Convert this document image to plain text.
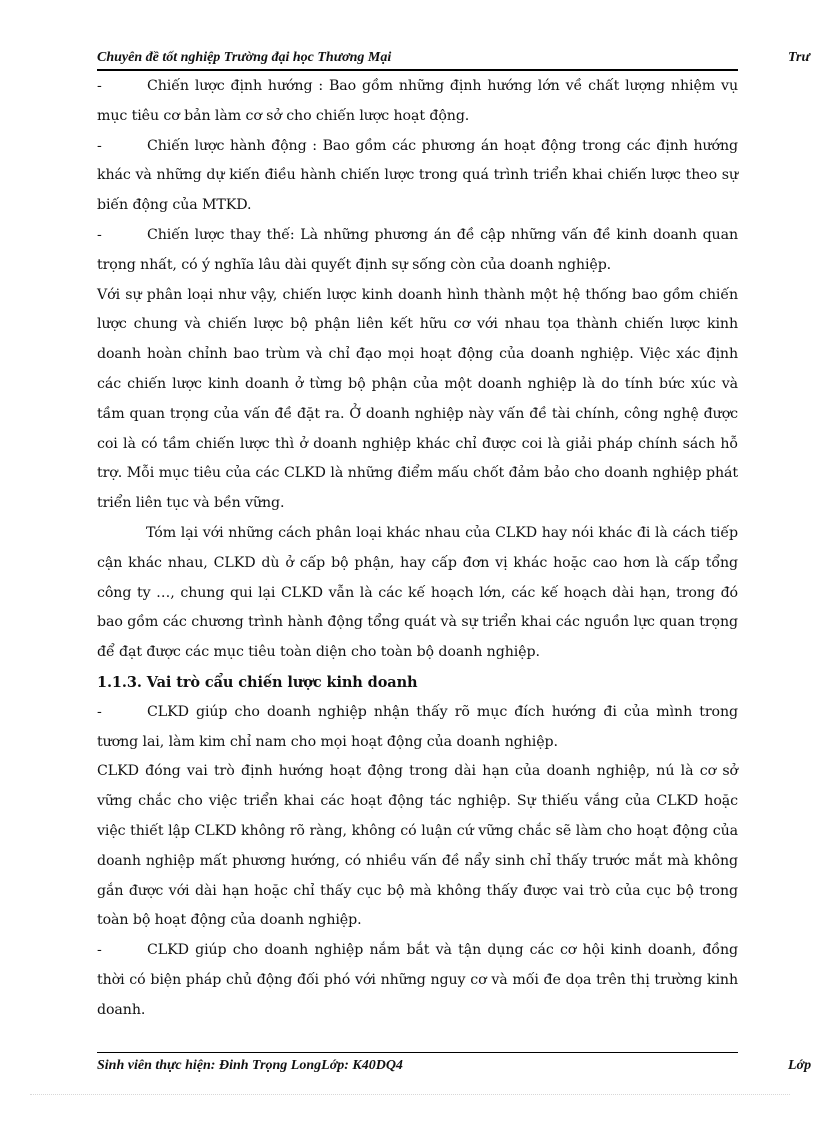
Chuyên đề tốt nghiệp Trường đại học Thương Mại	Trư

-	Chiến lược định hướng : Bao gồm những định hướng lớn về chất lượng nhiệm vụ mục tiêu cơ bản làm cơ sở cho chiến lược hoạt động.

-	Chiến lược hành động : Bao gồm các phương án hoạt động trong các định hướng khác và những dự kiến điều hành chiến lược trong quá trình triển khai chiến lược theo sự biến động của MTKD.

-	Chiến lược thay thế: Là những phương án đề cập những vấn đề kinh doanh quan trọng nhất, có ý nghĩa lâu dài quyết định sự sống còn của doanh nghiệp.

Với sự phân loại như vậy, chiến lược kinh doanh hình thành một hệ thống bao gồm chiến lược chung và chiến lược bộ phận liên kết hữu cơ với nhau tọa thành chiến lược kinh doanh hoàn chỉnh bao trùm và chỉ đạo mọi hoạt động của doanh nghiệp. Việc xác định các chiến lược kinh doanh ở từng bộ phận của một doanh nghiệp là do tính bức xúc và tầm quan trọng của vấn đề đặt ra. Ở doanh nghiệp này vấn đề tài chính, công nghệ được coi là có tầm chiến lược thì ở doanh nghiệp khác chỉ được coi là giải pháp chính sách hỗ trợ. Mỗi mục tiêu của các CLKD là những điểm mấu chốt đảm bảo cho doanh nghiệp phát triển liên tục và bền vững.

Tóm lại với những cách phân loại khác nhau của CLKD hay nói khác đi là cách tiếp cận khác nhau, CLKD dù ở cấp bộ phận, hay cấp đơn vị khác hoặc cao hơn là cấp tổng công ty …, chung qui lại CLKD vẫn là các kế hoạch lớn, các kế hoạch dài hạn, trong đó bao gồm các chương trình hành động tổng quát và sự triển khai các nguồn lực quan trọng để đạt được các mục tiêu toàn diện cho toàn bộ doanh nghiệp.

1.1.3. Vai trò cẩu chiến lược kinh doanh

-	CLKD giúp cho doanh nghiệp nhận thấy rõ mục đích hướng đi của mình trong tương lai, làm kim chỉ nam cho mọi hoạt động của doanh nghiệp.

CLKD đóng vai trò định hướng hoạt động trong dài hạn của doanh nghiệp, nú là cơ sở vững chắc cho việc triển khai các hoạt động tác nghiệp. Sự thiếu vắng của CLKD hoặc việc thiết lập CLKD không rõ ràng, không có luận cứ vững chắc sẽ làm cho hoạt động của doanh nghiệp mất phương hướng, có nhiều vấn đề nẩy sinh chỉ thấy trước mắt mà không gắn được với dài hạn hoặc chỉ thấy cục bộ mà không thấy được vai trò của cục bộ trong toàn bộ hoạt động của doanh nghiệp.

-	CLKD giúp cho doanh nghiệp nắm bắt và tận dụng các cơ hội kinh doanh, đồng thời có biện pháp chủ động đối phó với những nguy cơ và mối đe dọa trên thị trường kinh doanh.

Sinh viên thực hiện: Đinh Trọng LongLớp: K40DQ4	Lớp
